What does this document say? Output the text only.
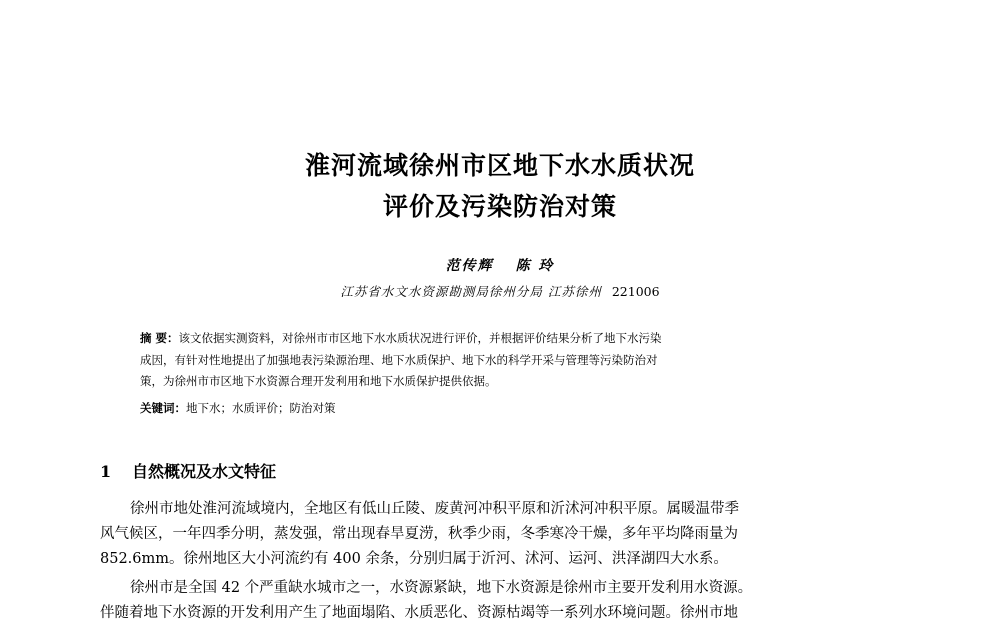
淮河流域徐州市区地下水水质状况
评价及污染防治对策
范传辉 陈 玲
江苏省水文水资源勘测局徐州分局 江苏徐州 221006
摘 要：该文依据实测资料，对徐州市市区地下水水质状况进行评价，并根据评价结果分析了地下水污染
成因，有针对性地提出了加强地表污染源治理、地下水质保护、地下水的科学开采与管理等污染防治对
策，为徐州市市区地下水资源合理开发利用和地下水质保护提供依据。
关键词：地下水；水质评价；防治对策
1 自然概况及水文特征
徐州市地处淮河流域境内，全地区有低山丘陵、废黄河冲积平原和沂沭河冲积平原。属暖温带季
风气候区，一年四季分明，蒸发强，常出现春旱夏涝，秋季少雨，冬季寒冷干燥，多年平均降雨量为
852.6mm。徐州地区大小河流约有 400 余条，分别归属于沂河、沭河、运河、洪泽湖四大水系。
徐州市是全国 42 个严重缺水城市之一，水资源紧缺，地下水资源是徐州市主要开发利用水资源。
伴随着地下水资源的开发利用产生了地面塌陷、水质恶化、资源枯竭等一系列水环境问题。徐州市地
